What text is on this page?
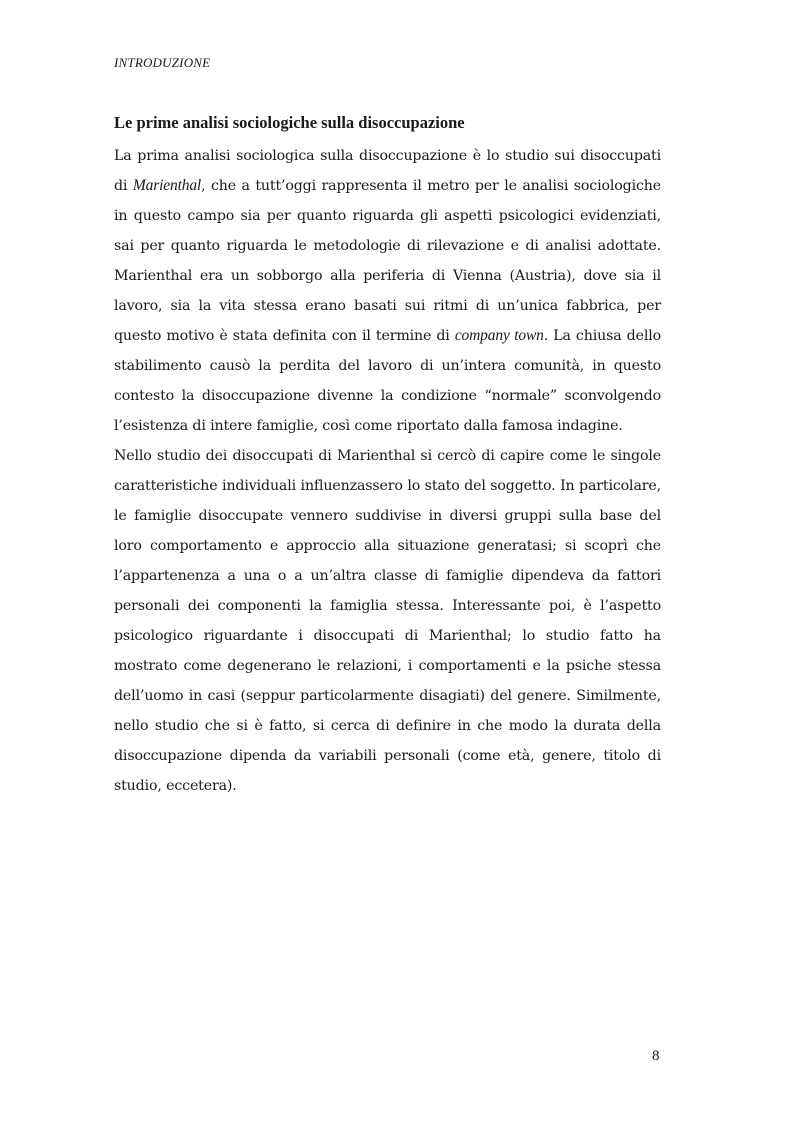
INTRODUZIONE
Le prime analisi sociologiche sulla disoccupazione

La prima analisi sociologica sulla disoccupazione è lo studio sui disoccupati di Marienthal, che a tutt’oggi rappresenta il metro per le analisi sociologiche in questo campo sia per quanto riguarda gli aspetti psicologici evidenziati, sai per quanto riguarda le metodologie di rilevazione e di analisi adottate. Marienthal era un sobborgo alla periferia di Vienna (Austria), dove sia il lavoro, sia la vita stessa erano basati sui ritmi di un’unica fabbrica, per questo motivo è stata definita con il termine di company town. La chiusa dello stabilimento causò la perdita del lavoro di un’intera comunità, in questo contesto la disoccupazione divenne la condizione “normale” sconvolgendo l’esistenza di intere famiglie, così come riportato dalla famosa indagine.

Nello studio dei disoccupati di Marienthal si cercò di capire come le singole caratteristiche individuali influenzassero lo stato del soggetto. In particolare, le famiglie disoccupate vennero suddivise in diversi gruppi sulla base del loro comportamento e approccio alla situazione generatasi; si scoprì che l’appartenenza a una o a un’altra classe di famiglie dipendeva da fattori personali dei componenti la famiglia stessa. Interessante poi, è l’aspetto psicologico riguardante i disoccupati di Marienthal; lo studio fatto ha mostrato come degenerano le relazioni, i comportamenti e la psiche stessa dell’uomo in casi (seppur particolarmente disagiati) del genere. Similmente, nello studio che si è fatto, si cerca di definire in che modo la durata della disoccupazione dipenda da variabili personali (come età, genere, titolo di studio, eccetera).

8
